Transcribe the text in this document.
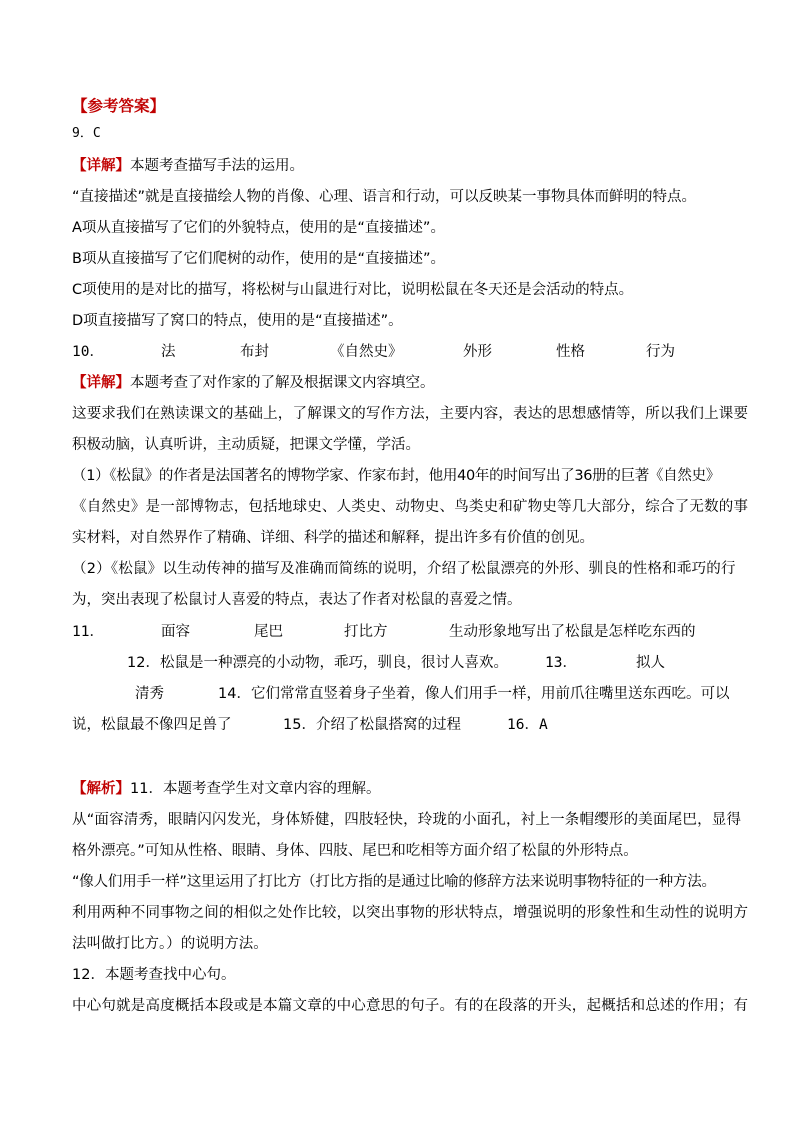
【参考答案】
9．C
【详解】本题考查描写手法的运用。
“直接描述”就是直接描绘人物的肖像、心理、语言和行动，可以反映某一事物具体而鲜明的特点。
A项从直接描写了它们的外貌特点，使用的是“直接描述”。
B项从直接描写了它们爬树的动作，使用的是“直接描述”。
C项使用的是对比的描写，将松树与山鼠进行对比，说明松鼠在冬天还是会活动的特点。
D项直接描写了窝口的特点，使用的是“直接描述”。
10．	法	布封	《自然史》	外形	性格	行为
【详解】本题考查了对作家的了解及根据课文内容填空。
这要求我们在熟读课文的基础上，了解课文的写作方法，主要内容，表达的思想感情等，所以我们上课要
积极动脑，认真听讲，主动质疑，把课文学懂，学活。
（1）《松鼠》的作者是法国著名的博物学家、作家布封，他用40年的时间写出了36册的巨著《自然史》
《自然史》是一部博物志，包括地球史、人类史、动物史、鸟类史和矿物史等几大部分，综合了无数的事
实材料，对自然界作了精确、详细、科学的描述和解释，提出许多有价值的创见。
（2）《松鼠》以生动传神的描写及准确而简练的说明，介绍了松鼠漂亮的外形、驯良的性格和乖巧的行
为，突出表现了松鼠讨人喜爱的特点，表达了作者对松鼠的喜爱之情。
11．	面容	尾巴	打比方	生动形象地写出了松鼠是怎样吃东西的
12．松鼠是一种漂亮的小动物，乖巧，驯良，很讨人喜欢。	13．	拟人
清秀	14．它们常常直竖着身子坐着，像人们用手一样，用前爪往嘴里送东西吃。可以
说，松鼠最不像四足兽了	15．介绍了松鼠搭窝的过程	16．A
【解析】11．本题考查学生对文章内容的理解。
从“面容清秀，眼睛闪闪发光，身体矫健，四肢轻快，玲珑的小面孔，衬上一条帽缨形的美面尾巴，显得
格外漂亮。”可知从性格、眼睛、身体、四肢、尾巴和吃相等方面介绍了松鼠的外形特点。
“像人们用手一样”这里运用了打比方（打比方指的是通过比喻的修辞方法来说明事物特征的一种方法。
利用两种不同事物之间的相似之处作比较，以突出事物的形状特点，增强说明的形象性和生动性的说明方
法叫做打比方。）的说明方法。
12．本题考查找中心句。
中心句就是高度概括本段或是本篇文章的中心意思的句子。有的在段落的开头，起概括和总述的作用；有
